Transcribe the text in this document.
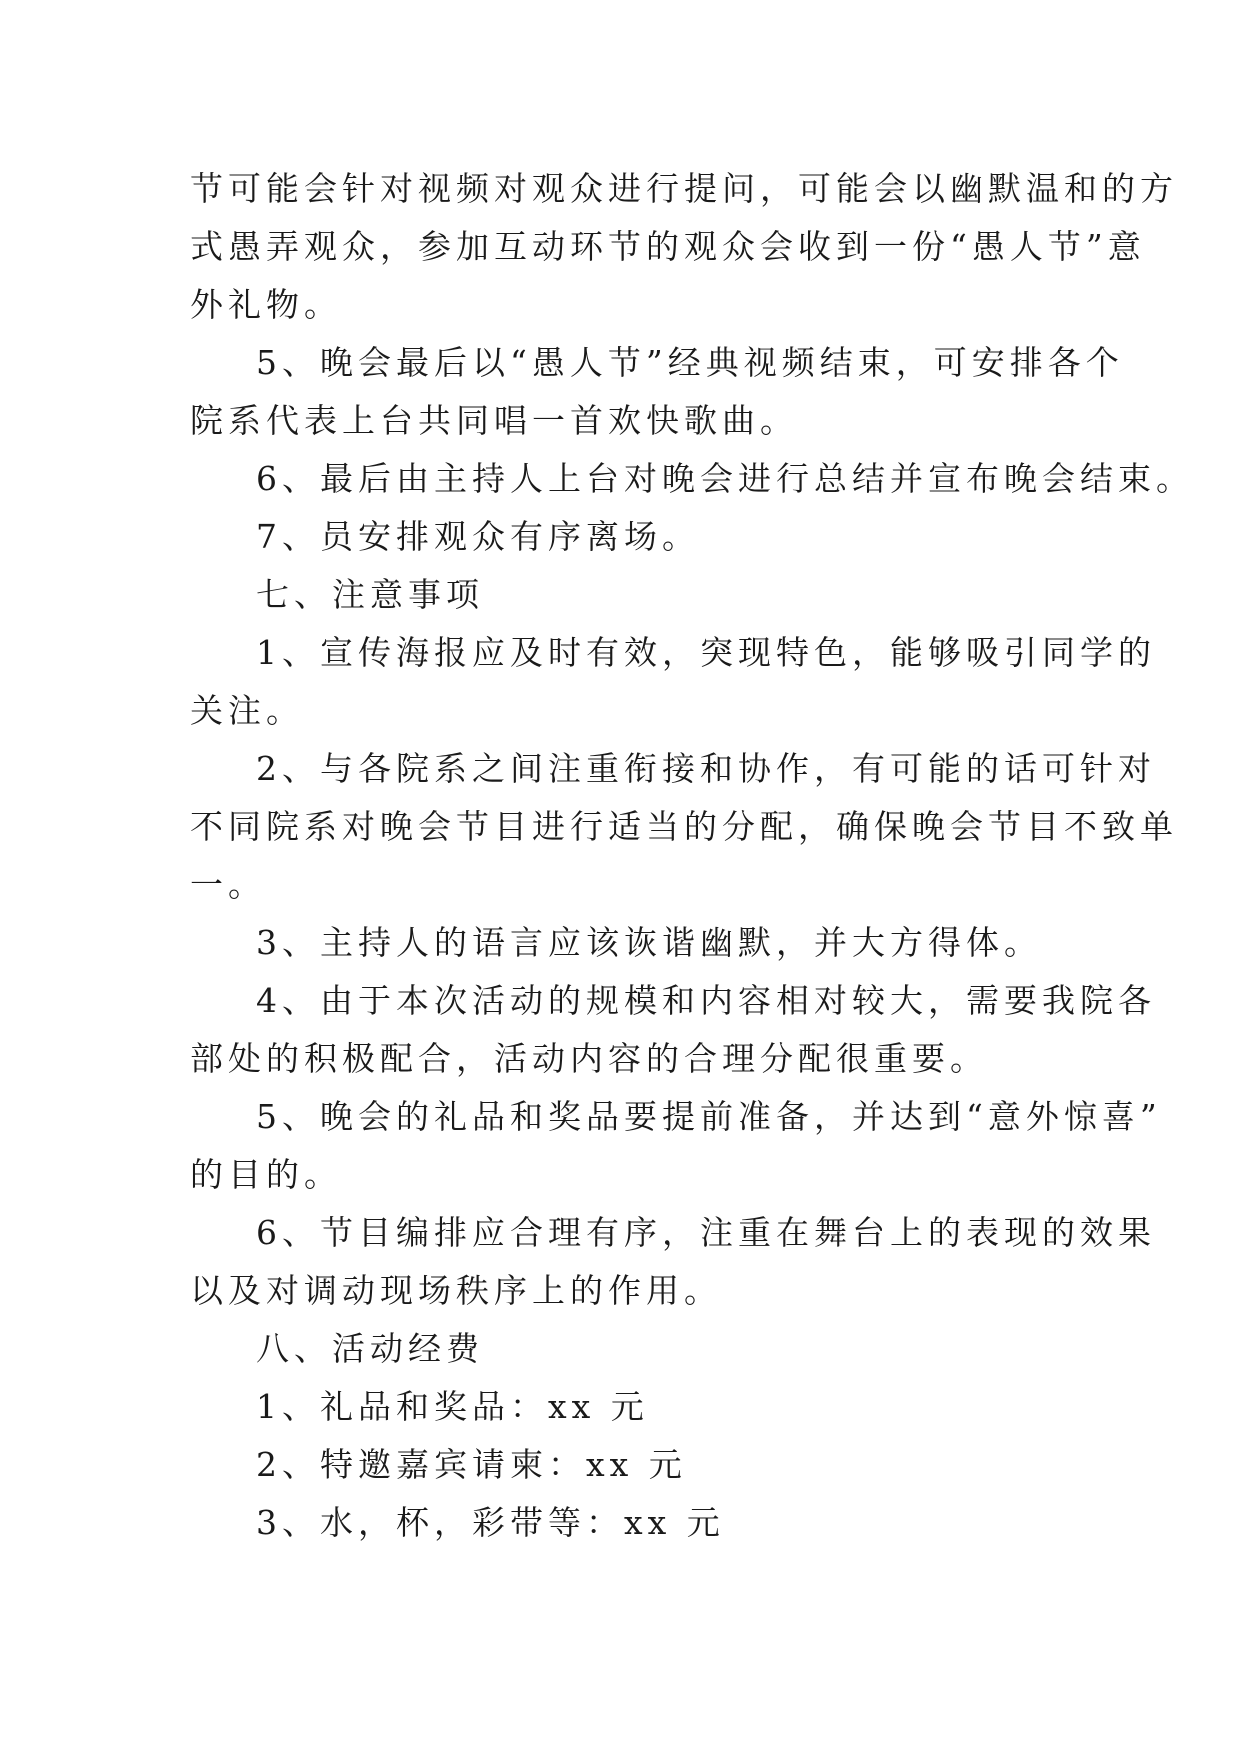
节可能会针对视频对观众进行提问，可能会以幽默温和的方
式愚弄观众，参加互动环节的观众会收到一份“愚人节”意
外礼物。

5、晚会最后以“愚人节”经典视频结束，可安排各个
院系代表上台共同唱一首欢快歌曲。

6、最后由主持人上台对晚会进行总结并宣布晚会结束。

7、员安排观众有序离场。

七、注意事项

1、宣传海报应及时有效，突现特色，能够吸引同学的
关注。

2、与各院系之间注重衔接和协作，有可能的话可针对
不同院系对晚会节目进行适当的分配，确保晚会节目不致单
一。

3、主持人的语言应该诙谐幽默，并大方得体。

4、由于本次活动的规模和内容相对较大，需要我院各
部处的积极配合，活动内容的合理分配很重要。

5、晚会的礼品和奖品要提前准备，并达到“意外惊喜”
的目的。

6、节目编排应合理有序，注重在舞台上的表现的效果
以及对调动现场秩序上的作用。

八、活动经费

1、礼品和奖品：xx 元

2、特邀嘉宾请柬：xx 元

3、水，杯，彩带等：xx 元
